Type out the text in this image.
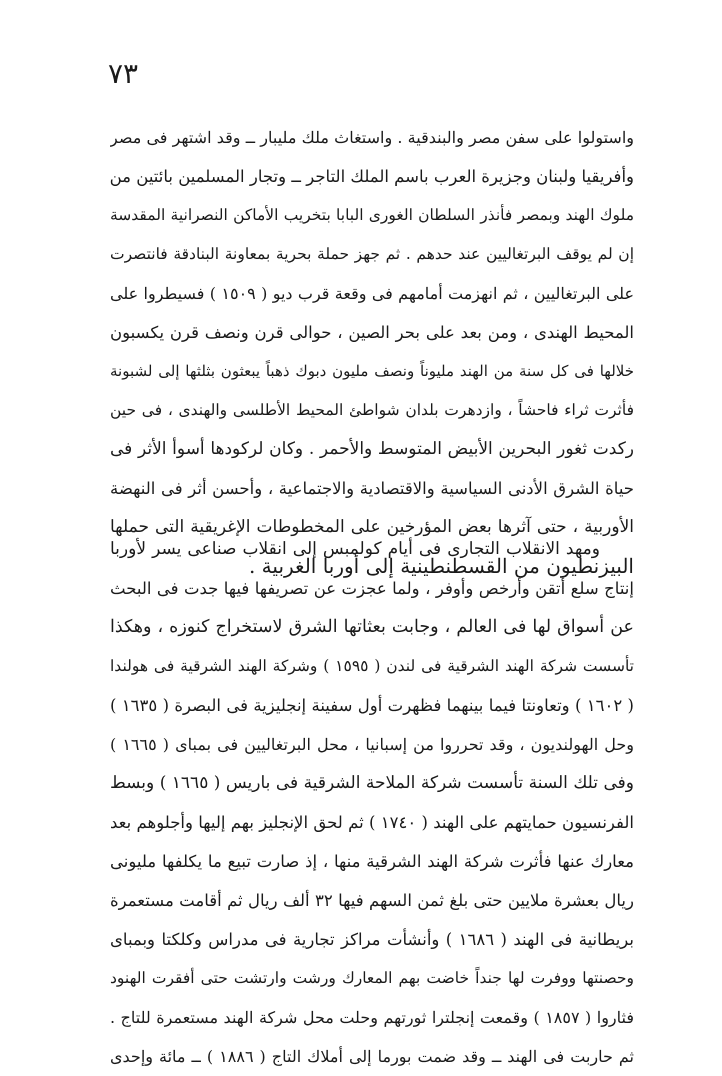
٧٣
واستولوا على سفن مصر والبندقية . واستغاث ملك مليبار ــ وقد اشتهر فى مصر
وأفريقيا ولبنان وجزيرة العرب باسم الملك التاجر ــ وتجار المسلمين بائتين من
ملوك الهند وبمصر فأنذر السلطان الغورى البابا بتخريب الأماكن النصرانية المقدسة
إن لم يوقف البرتغاليين عند حدهم . ثم جهز حملة بحرية بمعاونة البنادقة فانتصرت
على البرتغاليين ، ثم انهزمت أمامهم فى وقعة قرب ديو ( ١٥٠٩ ) فسيطروا على
المحيط الهندى ، ومن بعد على بحر الصين ، حوالى قرن ونصف قرن يكسبون
خلالها فى كل سنة من الهند مليوناً ونصف مليون دبوك ذهباً يبعثون بثلثها إلى لشبونة
فأثرت ثراء فاحشاً ، وازدهرت بلدان شواطئ المحيط الأطلسى والهندى ، فى حين
ركدت ثغور البحرين الأبيض المتوسط والأحمر . وكان لركودها أسوأ الأثر فى
حياة الشرق الأدنى السياسية والاقتصادية والاجتماعية ، وأحسن أثر فى النهضة
الأوربية ، حتى آثرها بعض المؤرخين على المخطوطات الإغريقية التى حملها
البيزنطيون من القسطنطينية إلى أوربا الغربية .
ومهد الانقلاب التجارى فى أيام كولمبس إلى انقلاب صناعى يسر لأوربا
إنتاج سلع أتقن وأرخص وأوفر ، ولما عجزت عن تصريفها فيها جدت فى البحث
عن أسواق لها فى العالم ، وجابت بعثاتها الشرق لاستخراج كنوزه ، وهكذا
تأسست شركة الهند الشرقية فى لندن ( ١٥٩٥ ) وشركة الهند الشرقية فى هولندا
( ١٦٠٢ ) وتعاونتا فيما بينهما فظهرت أول سفينة إنجليزية فى البصرة ( ١٦٣٥ )
وحل الهولنديون ، وقد تحرروا من إسبانيا ، محل البرتغاليين فى بمباى ( ١٦٦٥ )
وفى تلك السنة تأسست شركة الملاحة الشرقية فى باريس ( ١٦٦٥ ) وبسط
الفرنسيون حمايتهم على الهند ( ١٧٤٠ ) ثم لحق الإنجليز بهم إليها وأجلوهم بعد
معارك عنها فأثرت شركة الهند الشرقية منها ، إذ صارت تبيع ما يكلفها مليونى
ريال بعشرة ملايين حتى بلغ ثمن السهم فيها ٣٢ ألف ريال ثم أقامت مستعمرة
بريطانية فى الهند ( ١٦٨٦ ) وأنشأت مراكز تجارية فى مدراس وكلكتا وبمباى
وحصنتها ووفرت لها جنداً خاضت بهم المعارك ورشت وارتشت حتى أفقرت الهنود
فثاروا ( ١٨٥٧ ) وقمعت إنجلترا ثورتهم وحلت محل شركة الهند مستعمرة للتاج .
ثم حاربت فى الهند ــ وقد ضمت بورما إلى أملاك التاج ( ١٨٨٦ ) ــ مائة وإحدى
